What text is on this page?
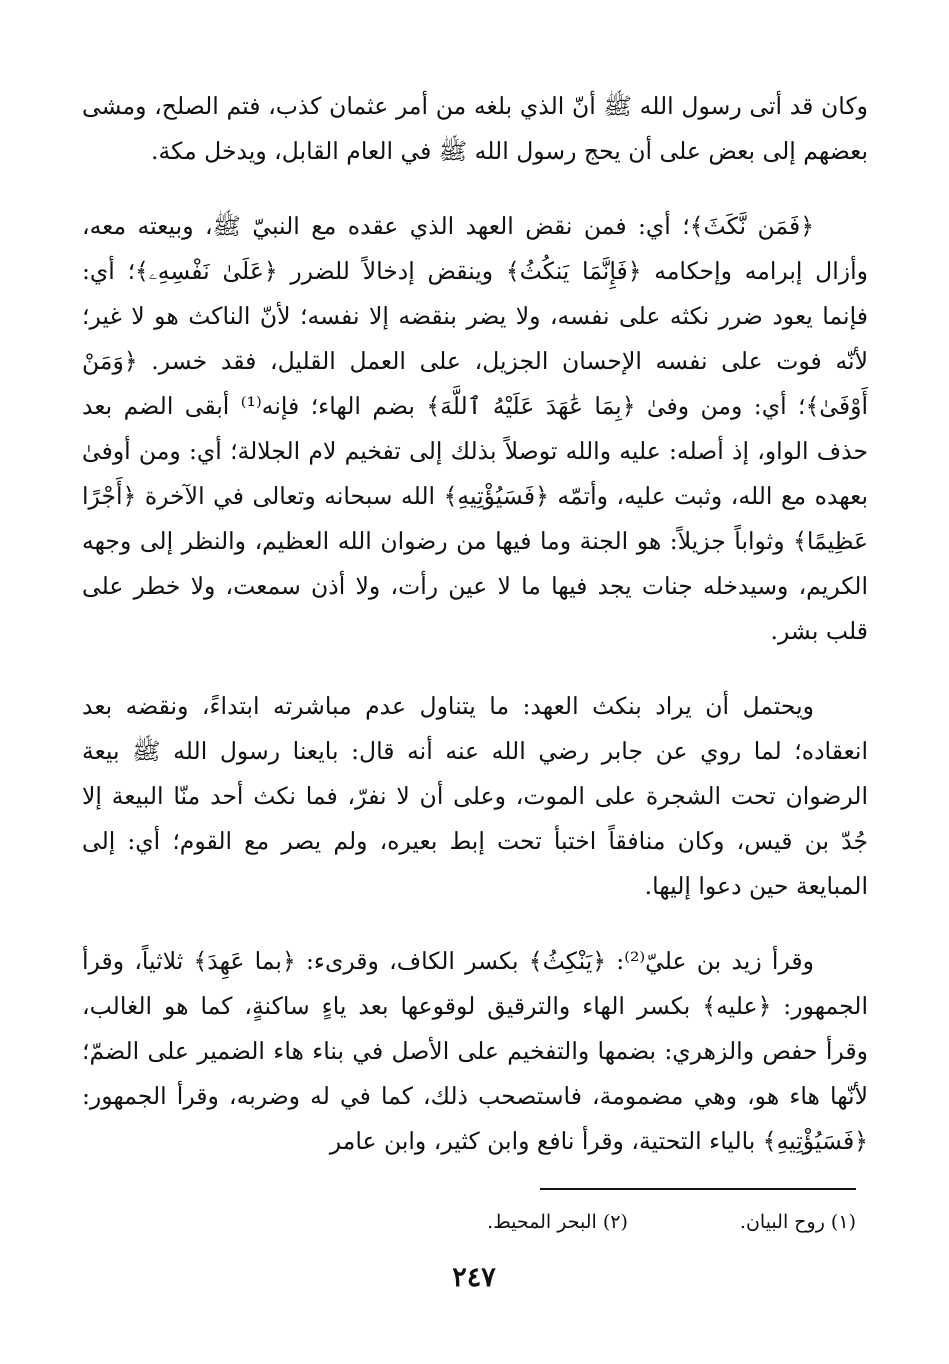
وكان قد أتى رسول الله ﷺ أنّ الذي بلغه من أمر عثمان كذب، فتم الصلح، ومشى بعضهم إلى بعض على أن يحج رسول الله ﷺ في العام القابل، ويدخل مكة.

﴿فَمَن نَّكَثَ﴾؛ أي: فمن نقض العهد الذي عقده مع النبيّ ﷺ، وبيعته معه، وأزال إبرامه وإحكامه ﴿فَإِنَّمَا يَنكُثُ﴾ وينقض إدخالاً للضرر ﴿عَلَىٰ نَفْسِهِۦ﴾؛ أي: فإنما يعود ضرر نكثه على نفسه، ولا يضر بنقضه إلا نفسه؛ لأنّ الناكث هو لا غير؛ لأنّه فوت على نفسه الإحسان الجزيل، على العمل القليل، فقد خسر. ﴿وَمَنْ أَوْفَىٰ﴾؛ أي: ومن وفىٰ ﴿بِمَا عَٰهَدَ عَلَيْهُ ٱللَّهَ﴾ بضم الهاء؛ فإنه⁽¹⁾ أبقى الضم بعد حذف الواو، إذ أصله: عليه والله توصلاً بذلك إلى تفخيم لام الجلالة؛ أي: ومن أوفىٰ بعهده مع الله، وثبت عليه، وأتمّه ﴿فَسَيُؤْتِيهِ﴾ الله سبحانه وتعالى في الآخرة ﴿أَجْرًا عَظِيمًا﴾ وثواباً جزيلاً: هو الجنة وما فيها من رضوان الله العظيم، والنظر إلى وجهه الكريم، وسيدخله جنات يجد فيها ما لا عين رأت، ولا أذن سمعت، ولا خطر على قلب بشر.

ويحتمل أن يراد بنكث العهد: ما يتناول عدم مباشرته ابتداءً، ونقضه بعد انعقاده؛ لما روي عن جابر رضي الله عنه أنه قال: بايعنا رسول الله ﷺ بيعة الرضوان تحت الشجرة على الموت، وعلى أن لا نفرّ، فما نكث أحد منّا البيعة إلا جُدّ بن قيس، وكان منافقاً اختبأ تحت إبط بعيره، ولم يصر مع القوم؛ أي: إلى المبايعة حين دعوا إليها.

وقرأ زيد بن عليّ⁽²⁾: ﴿يَنْكِثُ﴾ بكسر الكاف، وقرىء: ﴿بما عَهِدَ﴾ ثلاثياً، وقرأ الجمهور: ﴿عليه﴾ بكسر الهاء والترقيق لوقوعها بعد ياءٍ ساكنةٍ، كما هو الغالب، وقرأ حفص والزهري: بضمها والتفخيم على الأصل في بناء هاء الضمير على الضمّ؛ لأنّها هاء هو، وهي مضمومة، فاستصحب ذلك، كما في له وضربه، وقرأ الجمهور: ﴿فَسَيُؤْتِيهِ﴾ بالياء التحتية، وقرأ نافع وابن كثير، وابن عامر

(١) روح البيان. (٢) البحر المحيط.
٢٤٧
